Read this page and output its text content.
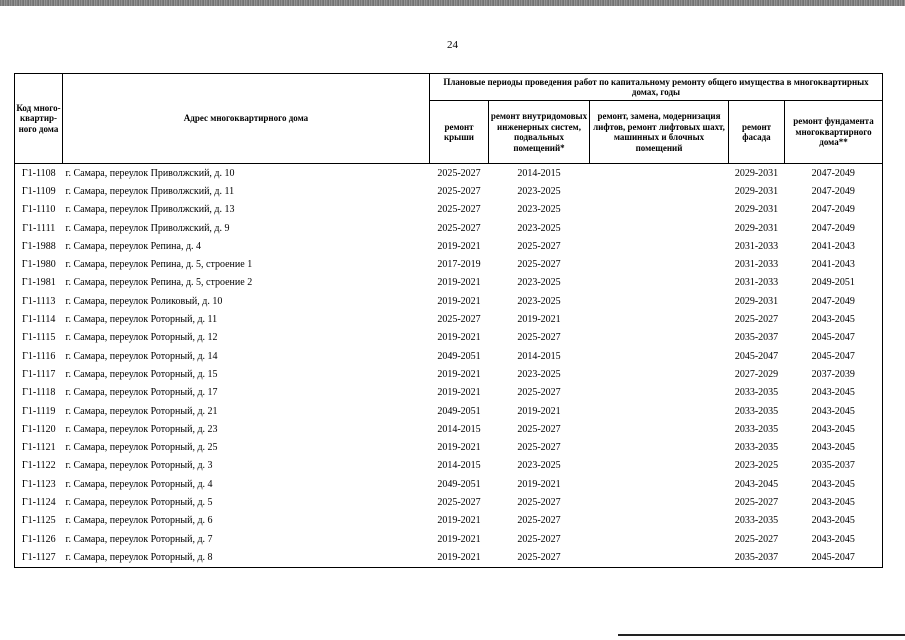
24
Код много-квартир-ного дома	Адрес многоквартирного дома	Плановые периоды проведения работ по капитальному ремонту общего имущества в многоквартирных домах, годы				
		ремонт крыши	ремонт внутридомовых инженерных систем, подвальных помещений*	ремонт, замена, модернизация лифтов, ремонт лифтовых шахт, машинных и блочных помещений	ремонт фасада	ремонт фундамента многоквартирного дома**
Г1-1108	г. Самара, переулок Приволжский, д. 10	2025-2027	2014-2015		2029-2031	2047-2049
Г1-1109	г. Самара, переулок Приволжский, д. 11	2025-2027	2023-2025		2029-2031	2047-2049
Г1-1110	г. Самара, переулок Приволжский, д. 13	2025-2027	2023-2025		2029-2031	2047-2049
Г1-1111	г. Самара, переулок Приволжский, д. 9	2025-2027	2023-2025		2029-2031	2047-2049
Г1-1988	г. Самара, переулок Репина, д. 4	2019-2021	2025-2027		2031-2033	2041-2043
Г1-1980	г. Самара, переулок Репина, д. 5, строение 1	2017-2019	2025-2027		2031-2033	2041-2043
Г1-1981	г. Самара, переулок Репина, д. 5, строение 2	2019-2021	2023-2025		2031-2033	2049-2051
Г1-1113	г. Самара, переулок Роликовый, д. 10	2019-2021	2023-2025		2029-2031	2047-2049
Г1-1114	г. Самара, переулок Роторный, д. 11	2025-2027	2019-2021		2025-2027	2043-2045
Г1-1115	г. Самара, переулок Роторный, д. 12	2019-2021	2025-2027		2035-2037	2045-2047
Г1-1116	г. Самара, переулок Роторный, д. 14	2049-2051	2014-2015		2045-2047	2045-2047
Г1-1117	г. Самара, переулок Роторный, д. 15	2019-2021	2023-2025		2027-2029	2037-2039
Г1-1118	г. Самара, переулок Роторный, д. 17	2019-2021	2025-2027		2033-2035	2043-2045
Г1-1119	г. Самара, переулок Роторный, д. 21	2049-2051	2019-2021		2033-2035	2043-2045
Г1-1120	г. Самара, переулок Роторный, д. 23	2014-2015	2025-2027		2033-2035	2043-2045
Г1-1121	г. Самара, переулок Роторный, д. 25	2019-2021	2025-2027		2033-2035	2043-2045
Г1-1122	г. Самара, переулок Роторный, д. 3	2014-2015	2023-2025		2023-2025	2035-2037
Г1-1123	г. Самара, переулок Роторный, д. 4	2049-2051	2019-2021		2043-2045	2043-2045
Г1-1124	г. Самара, переулок Роторный, д. 5	2025-2027	2025-2027		2025-2027	2043-2045
Г1-1125	г. Самара, переулок Роторный, д. 6	2019-2021	2025-2027		2033-2035	2043-2045
Г1-1126	г. Самара, переулок Роторный, д. 7	2019-2021	2025-2027		2025-2027	2043-2045
Г1-1127	г. Самара, переулок Роторный, д. 8	2019-2021	2025-2027		2035-2037	2045-2047
